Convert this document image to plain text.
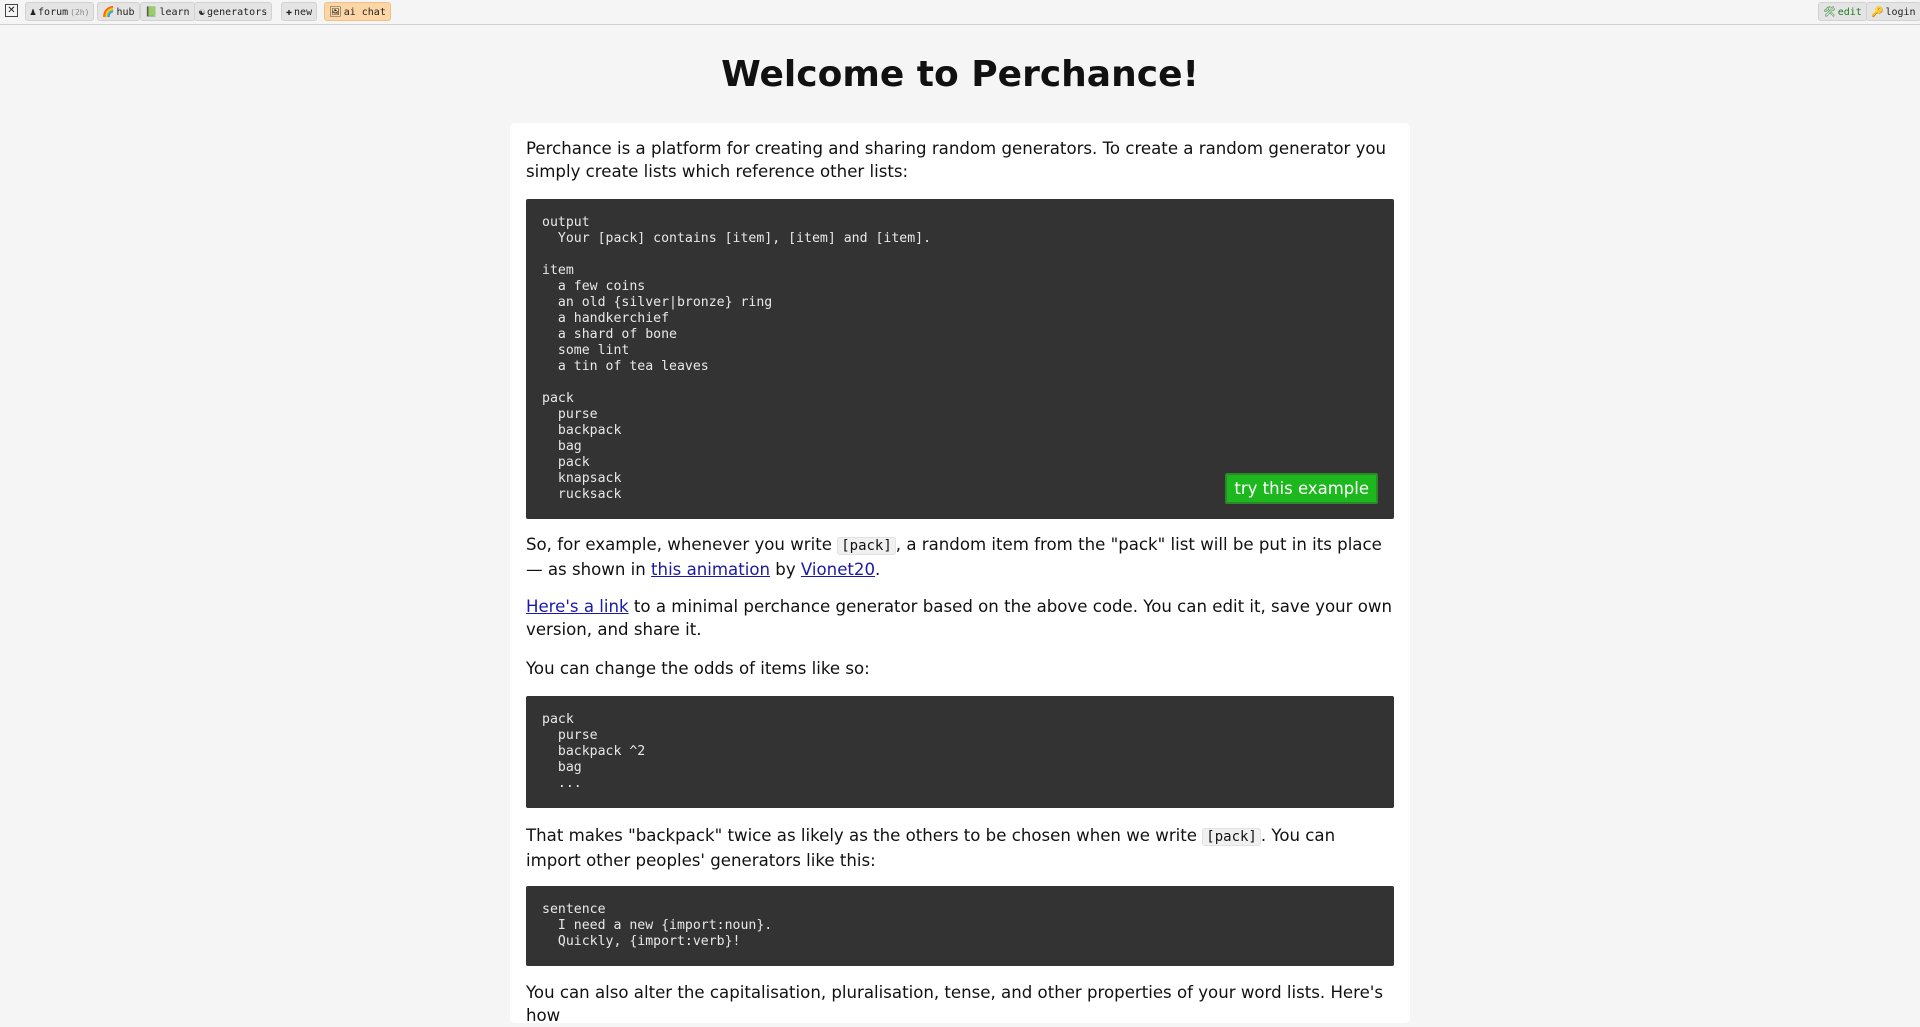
✕	♟ forum (2h)	🌈 hub	📗 learn ☯ generators	✚ new	🖼 ai chat	🛠 edit 🔑 login
Welcome to Perchance!

Perchance is a platform for creating and sharing random generators. To create a random generator you simply create lists which reference other lists:

output
Your [pack] contains [item], [item] and [item].

item
a few coins
an old {silver|bronze} ring
a handkerchief
a shard of bone
some lint
a tin of tea leaves

pack
purse
backpack
bag
pack
knapsack
rucksack	try this example

So, for example, whenever you write [pack] , a random item from the "pack" list will be put in its place — as shown in this animation by Vionet20.

Here's a link to a minimal perchance generator based on the above code. You can edit it, save your own version, and share it.

You can change the odds of items like so:

pack
purse
backpack ^2
bag
...

That makes "backpack" twice as likely as the others to be chosen when we write [pack] . You can import other peoples' generators like this:

sentence
I need a new {import:noun}.
Quickly, {import:verb}!

You can also alter the capitalisation, pluralisation, tense, and other properties of your word lists. Here's how
